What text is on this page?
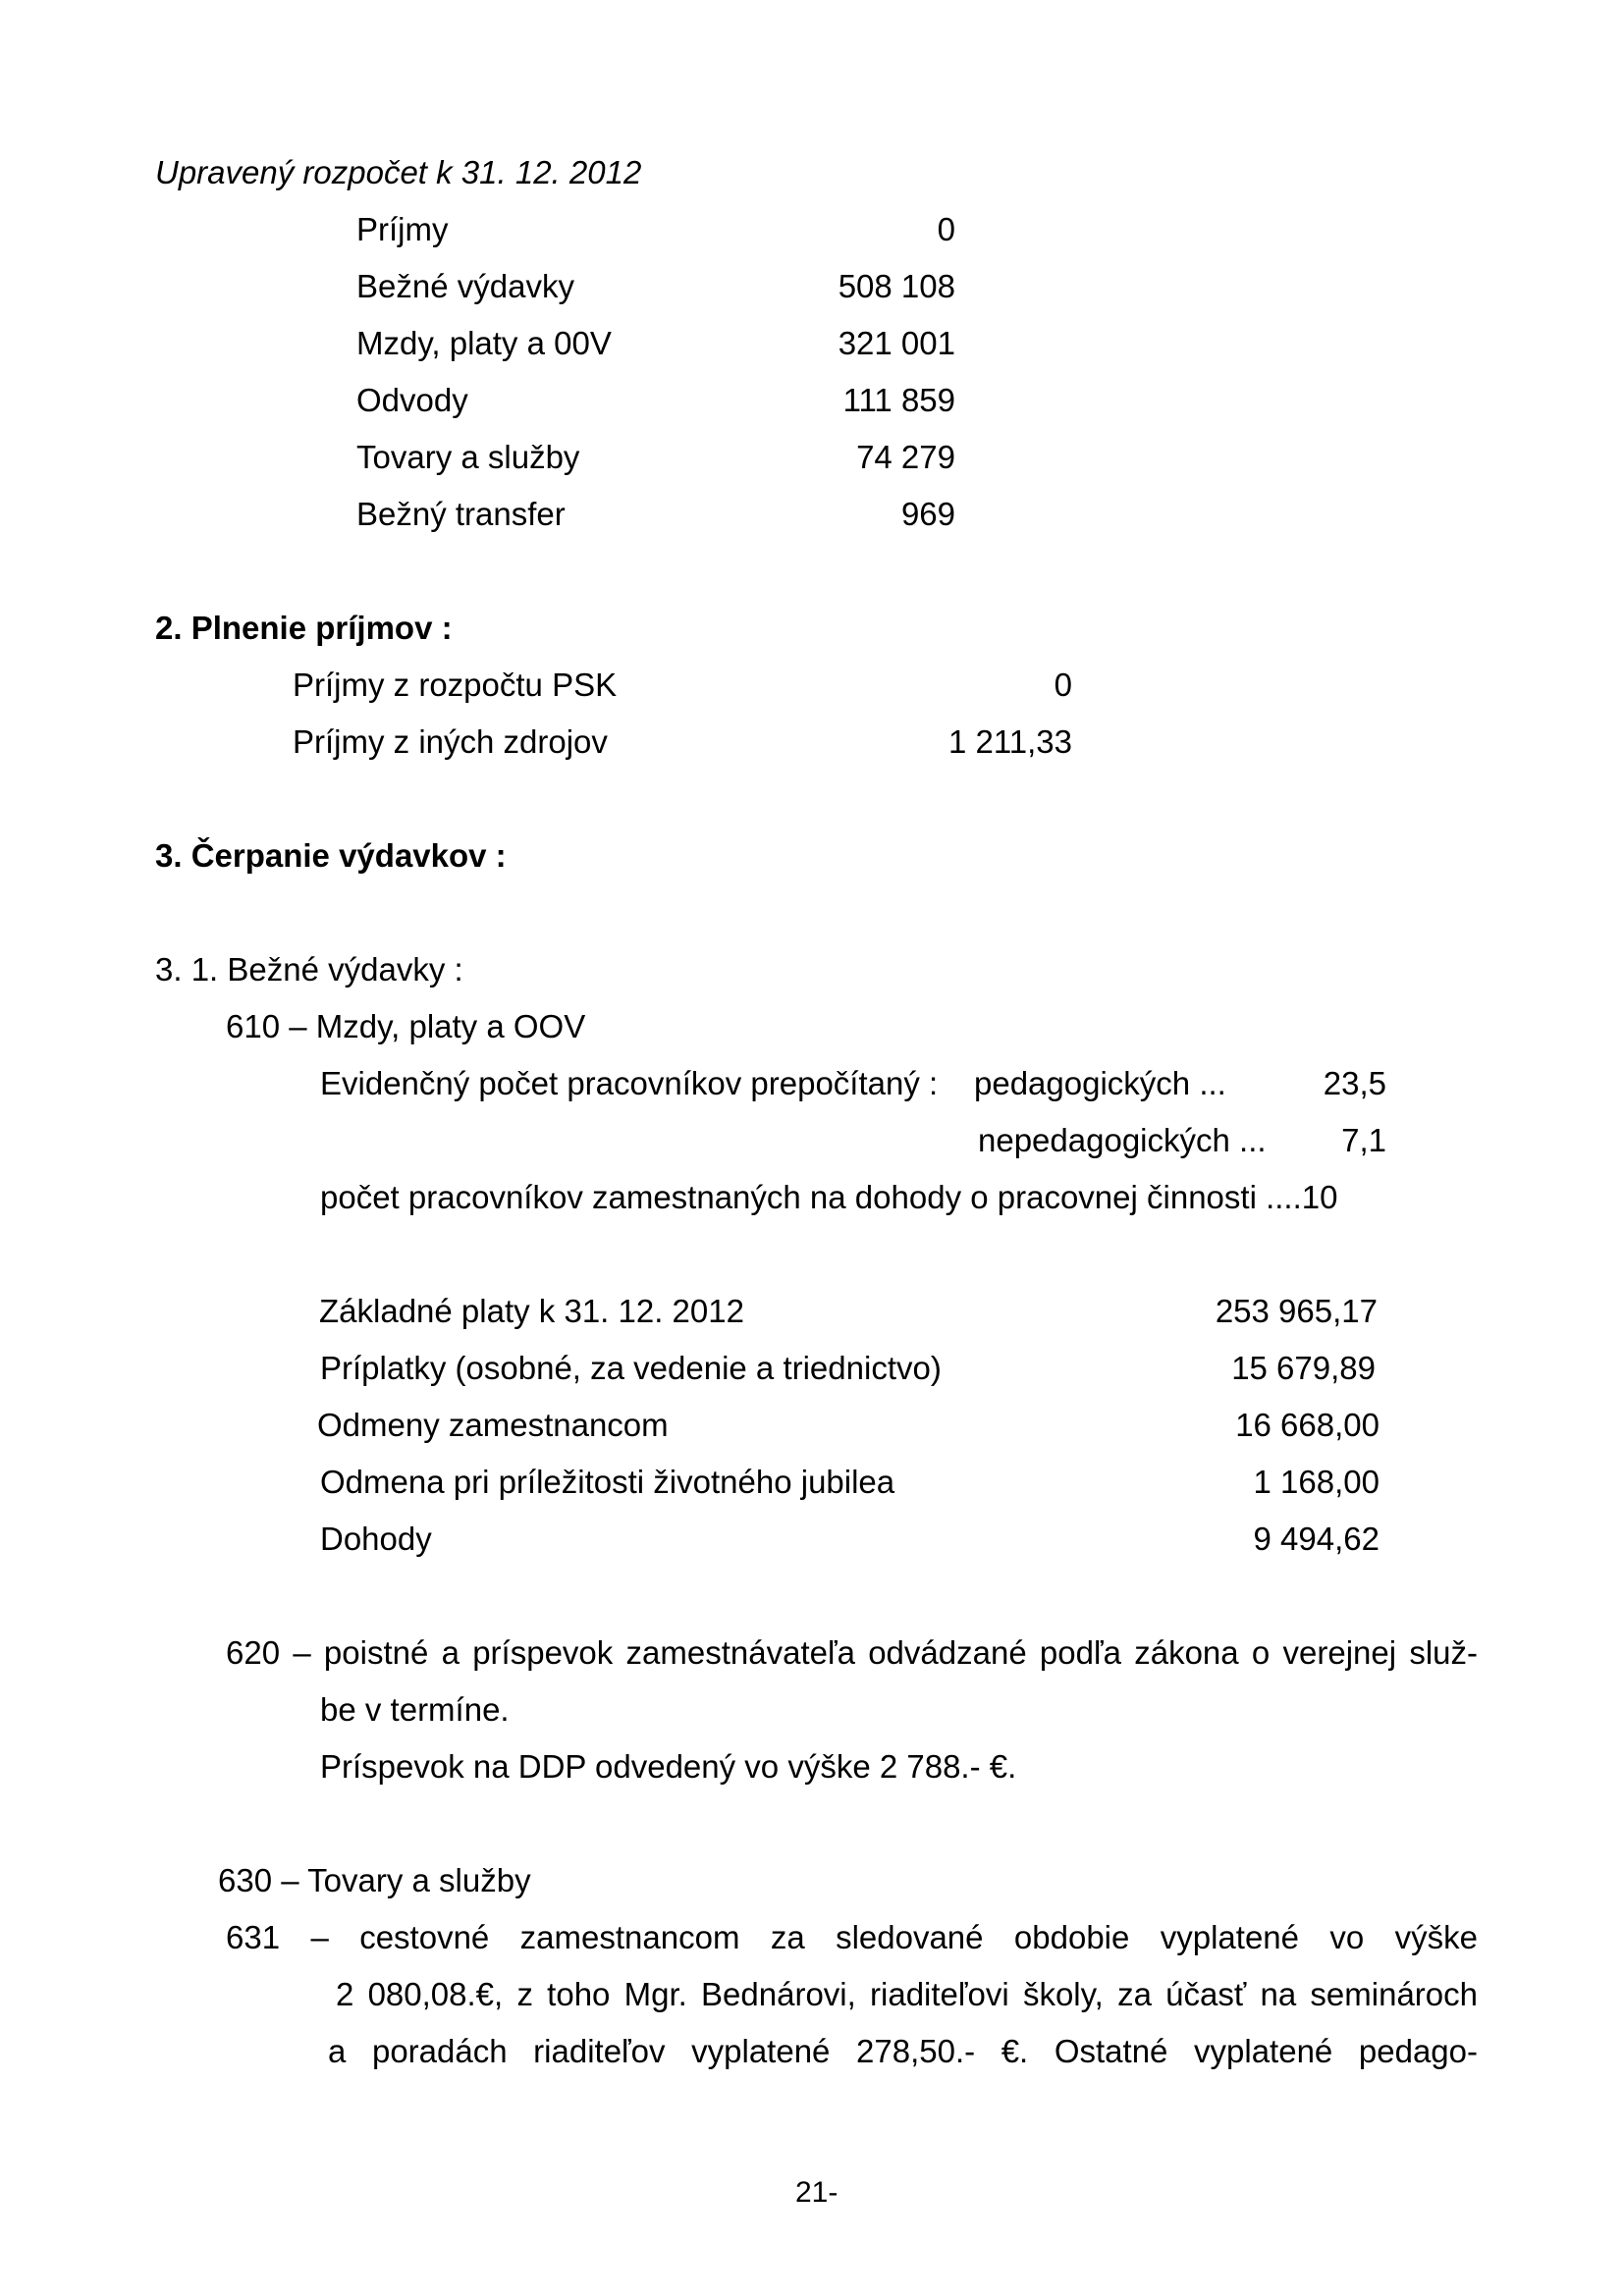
Upravený rozpočet k 31. 12. 2012
Príjmy	0
Bežné výdavky	508 108
Mzdy, platy a 00V	321 001
Odvody	111 859
Tovary a služby	74 279
Bežný transfer	969
2. Plnenie príjmov :
Príjmy z rozpočtu PSK	0
Príjmy z iných zdrojov	1 211,33
3. Čerpanie výdavkov :
3. 1. Bežné výdavky :
610 – Mzdy, platy a OOV
Evidenčný počet pracovníkov prepočítaný : pedagogických ...	23,5
nepedagogických ...	7,1
počet pracovníkov zamestnaných na dohody o pracovnej činnosti ....10
Základné platy k 31. 12. 2012	253 965,17
Príplatky (osobné, za vedenie a triednictvo)	15 679,89
Odmeny zamestnancom	16 668,00
Odmena pri príležitosti životného jubilea	1 168,00
Dohody	9 494,62
620 – poistné a príspevok zamestnávateľa odvádzané podľa zákona o verejnej služ-
be v termíne.
Príspevok na DDP odvedený vo výške 2 788.- €.
630 – Tovary a služby
631 – cestovné zamestnancom za sledované obdobie vyplatené vo výške
2 080,08.€, z toho Mgr. Bednárovi, riaditeľovi školy, za účasť na seminároch
a poradách riaditeľov vyplatené 278,50.- €. Ostatné vyplatené pedago-
21-
